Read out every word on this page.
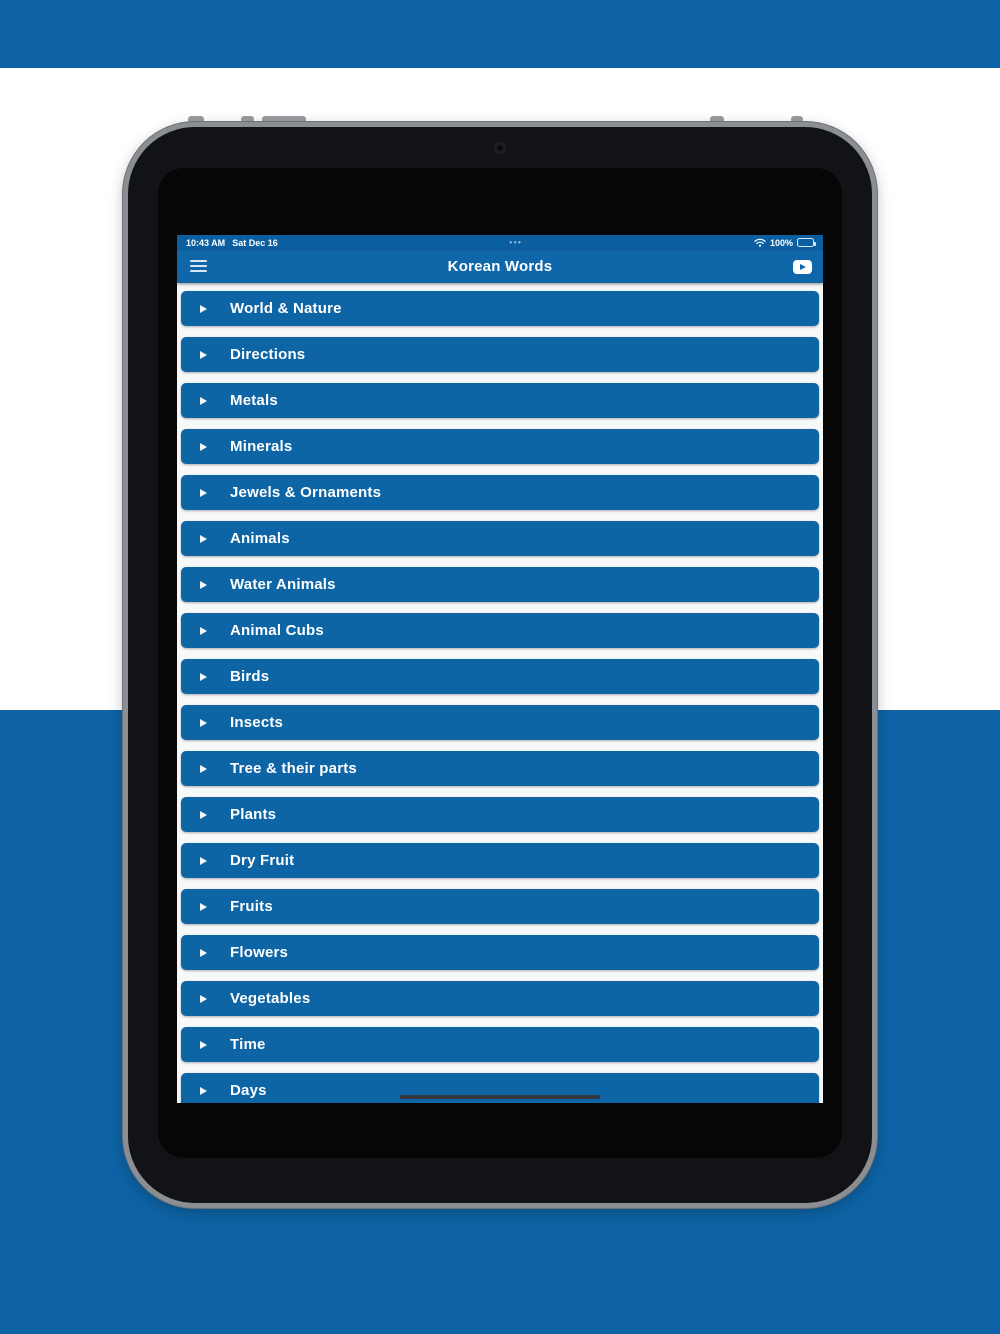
10:43 AM Sat Dec 16	•••	100%
Korean Words
World & Nature
Directions
Metals
Minerals
Jewels & Ornaments
Animals
Water Animals
Animal Cubs
Birds
Insects
Tree & their parts
Plants
Dry Fruit
Fruits
Flowers
Vegetables
Time
Days
